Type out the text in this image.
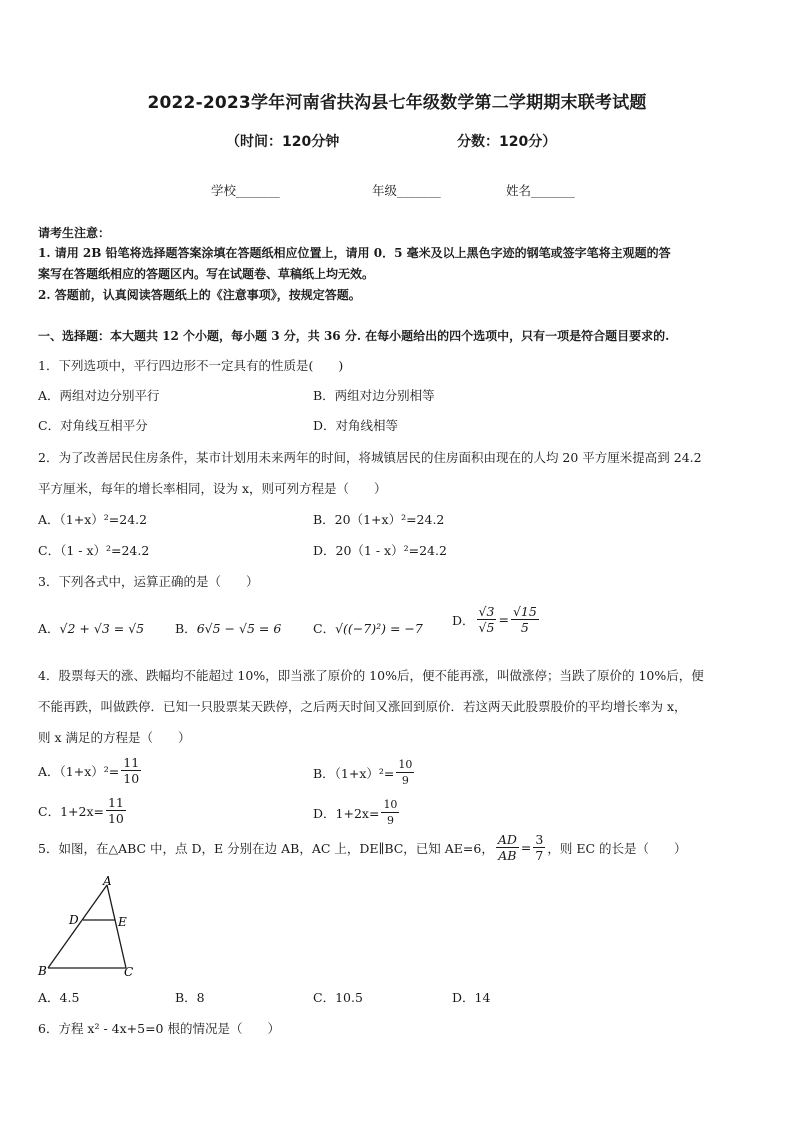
2022-2023学年河南省扶沟县七年级数学第二学期期末联考试题
（时间：120分钟	分数：120分）
学校_______	年级_______	姓名_______
请考生注意：
1. 请用 2B 铅笔将选择题答案涂填在答题纸相应位置上，请用 0．5 毫米及以上黑色字迹的钢笔或签字笔将主观题的答
案写在答题纸相应的答题区内。写在试题卷、草稿纸上均无效。
2. 答题前，认真阅读答题纸上的《注意事项》，按规定答题。
一、选择题：本大题共 12 个小题，每小题 3 分，共 36 分. 在每小题给出的四个选项中，只有一项是符合题目要求的.
1．下列选项中，平行四边形不一定具有的性质是(　　)
A．两组对边分别平行	B．两组对边分别相等
C．对角线互相平分	D．对角线相等
2．为了改善居民住房条件，某市计划用未来两年的时间，将城镇居民的住房面积由现在的人均 20 平方厘米提高到 24.2
平方厘米，每年的增长率相同，设为 x，则可列方程是（　　）
A．（1+x）²=24.2	B．20（1+x）²=24.2
C．（1 - x）²=24.2	D．20（1 - x）²=24.2
3．下列各式中，运算正确的是（　　）
A．√2 + √3 = √5 B．6√5 − √5 = 6	C．√((−7)²) = −7
D． $\frac{√3}{√5} = \frac{√15}{5}$
4．股票每天的涨、跌幅均不能超过 10%，即当涨了原价的 10%后，便不能再涨，叫做涨停；当跌了原价的 10%后，便
不能再跌，叫做跌停．已知一只股票某天跌停，之后两天时间又涨回到原价．若这两天此股票股价的平均增长率为 x，
则 x 满足的方程是（　　）
A．$(1+x)^2= \frac{11}{10}$	B．$(1+x)^2= \frac{10}{9}$
C．$1+2x= \frac{11}{10}$	D．$1+2x= \frac{10}{9}$
5．如图，在△ABC 中，点 D，E 分别在边 AB，AC 上，DE∥BC，已知 AE=6， $\frac{AD}{AB} = \frac{3}{7}$ ，则 EC 的长是（　　）
A
D	E
B	C
A．4.5	B．8	C．10.5	D．14
6．方程 x² - 4x+5=0 根的情况是（　　）
